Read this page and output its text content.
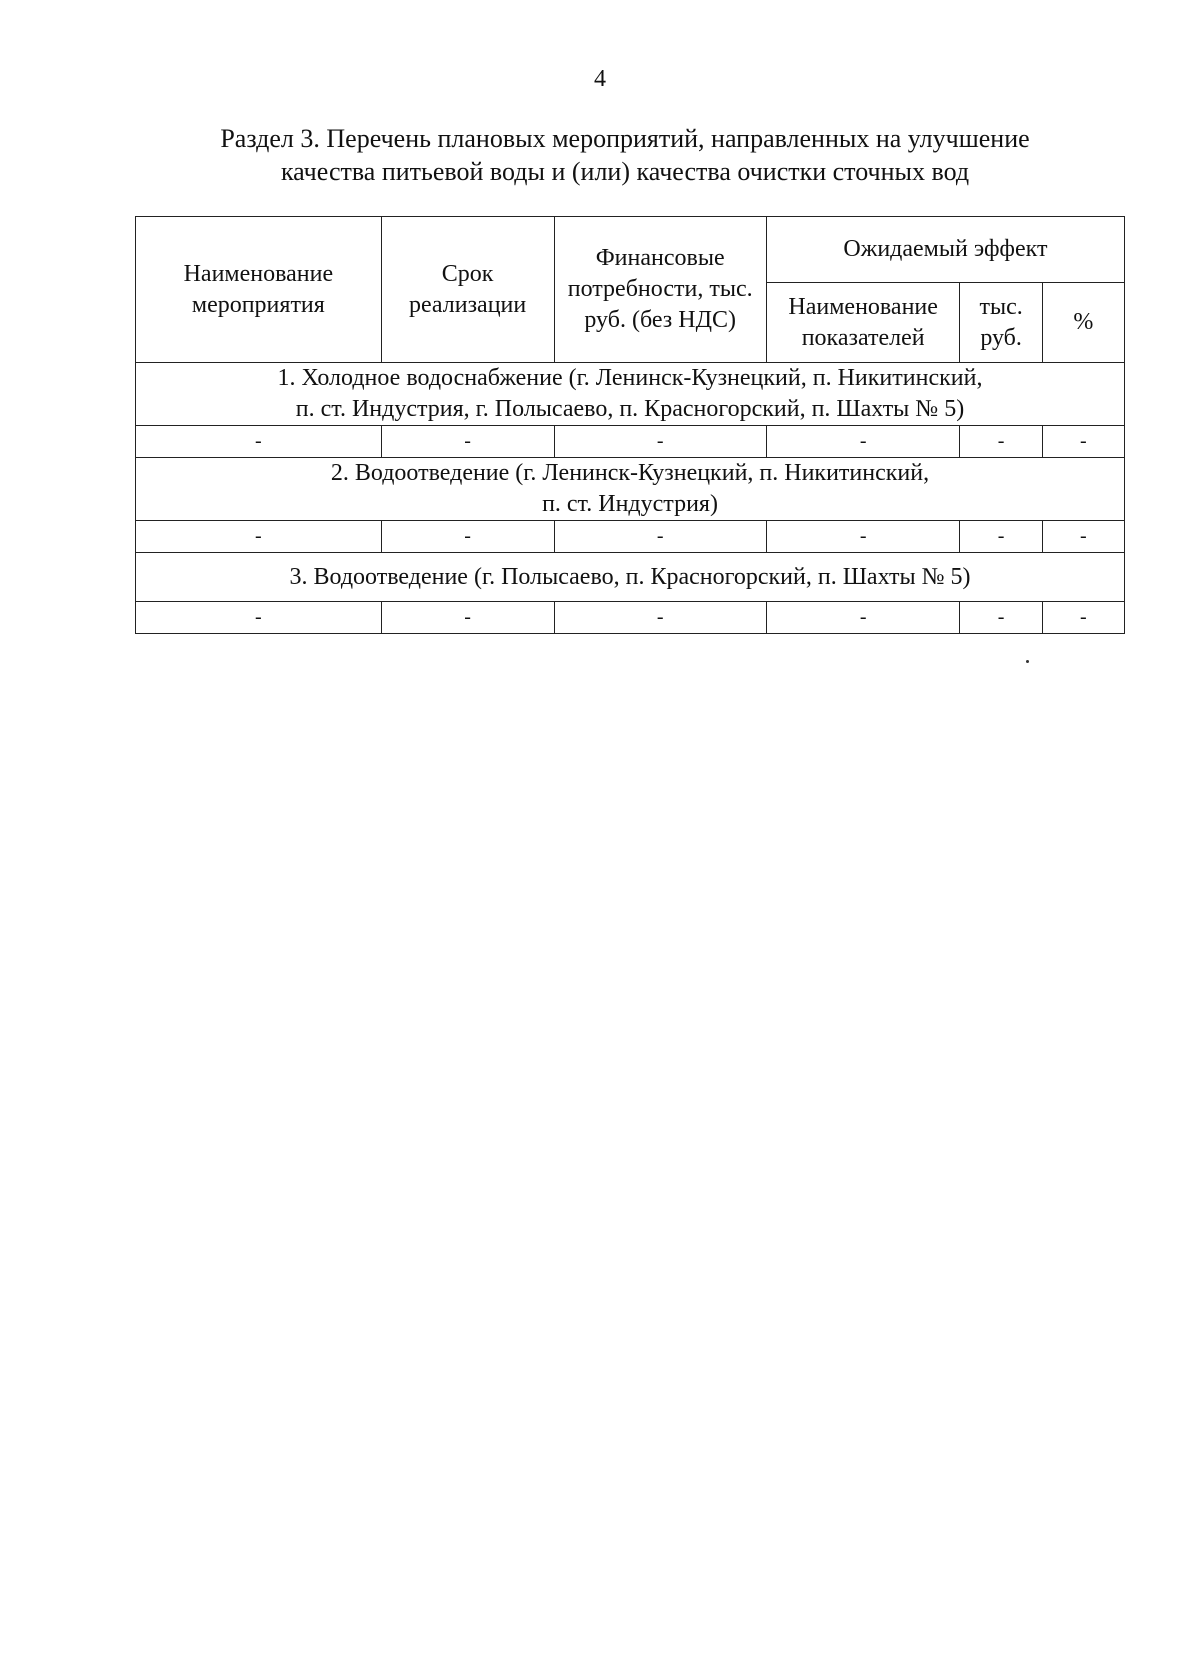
4
Раздел 3. Перечень плановых мероприятий, направленных на улучшение
качества питьевой воды и (или) качества очистки сточных вод
Наименование мероприятия	Срок реализации	Финансовые потребности, тыс. руб. (без НДС)	Ожидаемый эффект		
			Наименование показателей	тыс. руб.	%

1. Холодное водоснабжение (г. Ленинск-Кузнецкий, п. Никитинский,
п. ст. Индустрия, г. Полысаево, п. Красногорский, п. Шахты № 5)					

-	-	-	-	-	-

2. Водоотведение (г. Ленинск-Кузнецкий, п. Никитинский,
п. ст. Индустрия)					

-	-	-	-	-	-

3. Водоотведение (г. Полысаево, п. Красногорский, п. Шахты № 5)					

-	-	-	-	-	-
